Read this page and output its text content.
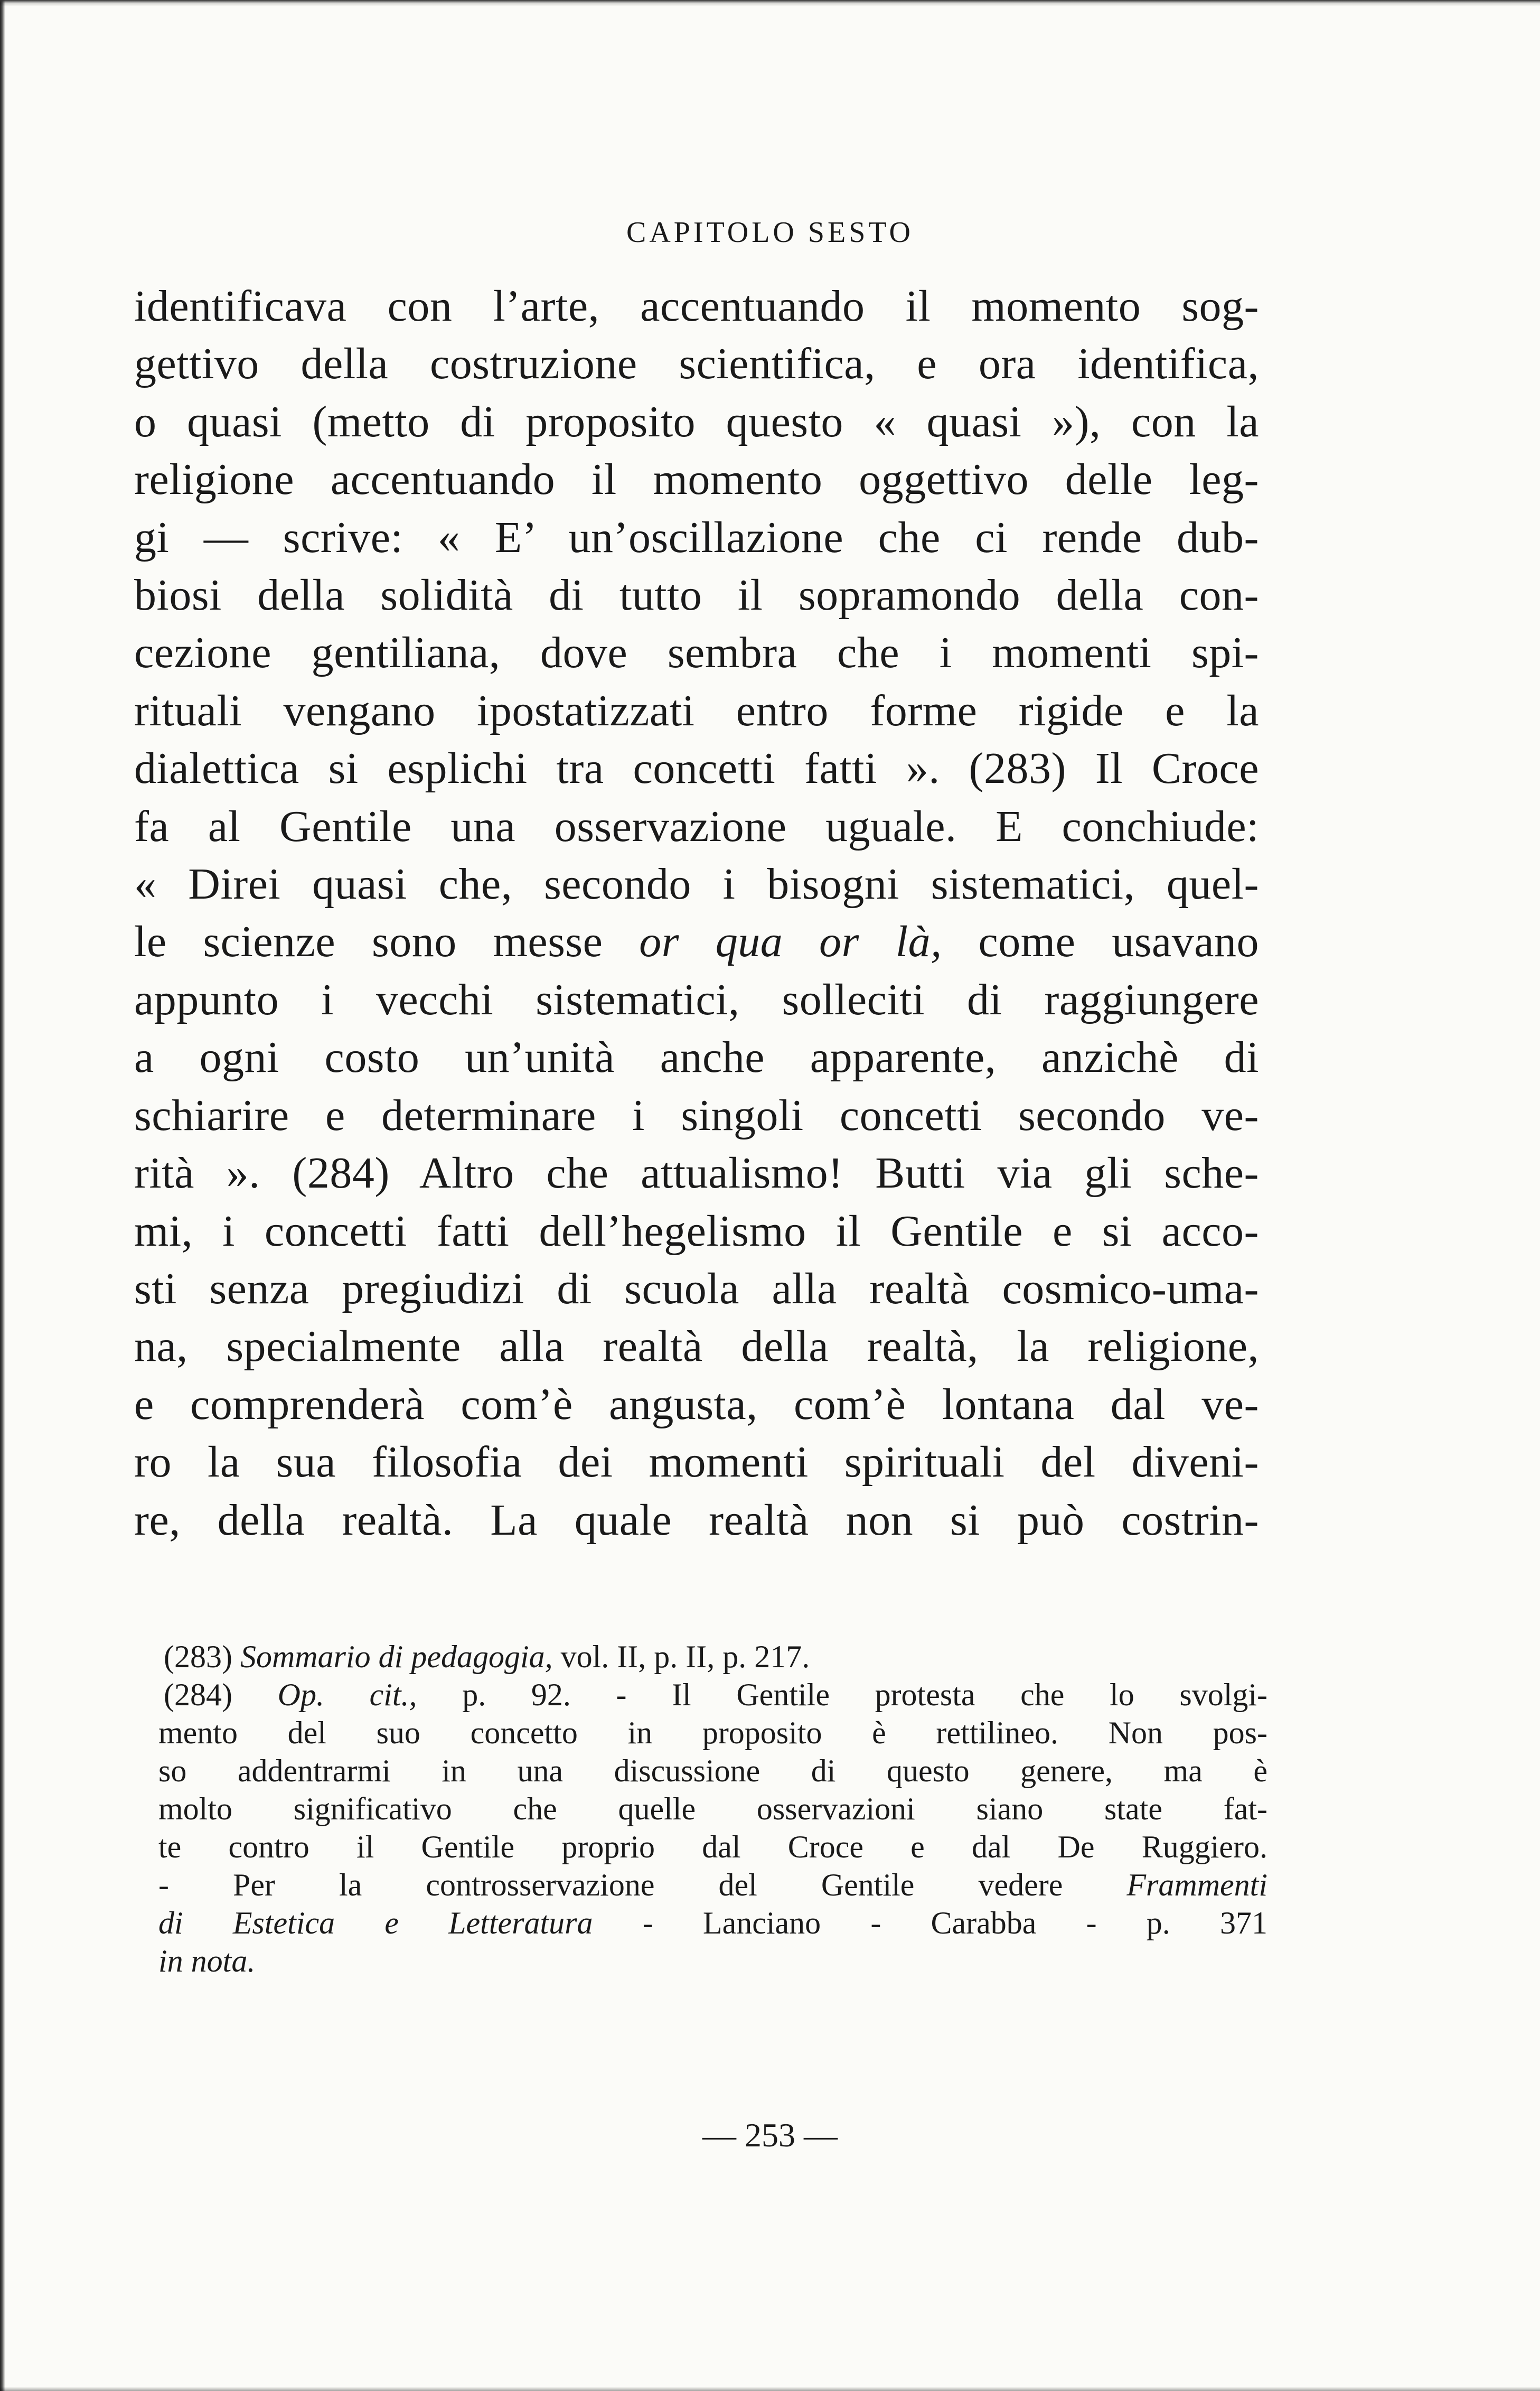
CAPITOLO SESTO
identificava con l’arte, accentuando il momento sog-
gettivo della costruzione scientifica, e ora identifica,
o quasi (metto di proposito questo « quasi »), con la
religione accentuando il momento oggettivo delle leg-
gi — scrive: « E’ un’oscillazione che ci rende dub-
biosi della solidità di tutto il sopramondo della con-
cezione gentiliana, dove sembra che i momenti spi-
rituali vengano ipostatizzati entro forme rigide e la
dialettica si esplichi tra concetti fatti ». (283) Il Croce
fa al Gentile una osservazione uguale. E conchiude:
« Direi quasi che, secondo i bisogni sistematici, quel-
le scienze sono messe or qua or là, come usavano
appunto i vecchi sistematici, solleciti di raggiungere
a ogni costo un’unità anche apparente, anzichè di
schiarire e determinare i singoli concetti secondo ve-
rità ». (284) Altro che attualismo! Butti via gli sche-
mi, i concetti fatti dell’hegelismo il Gentile e si acco-
sti senza pregiudizi di scuola alla realtà cosmico-uma-
na, specialmente alla realtà della realtà, la religione,
e comprenderà com’è angusta, com’è lontana dal ve-
ro la sua filosofia dei momenti spirituali del diveni-
re, della realtà. La quale realtà non si può costrin-
(283) Sommario di pedagogia, vol. II, p. II, p. 217.
(284) Op. cit., p. 92. - Il Gentile protesta che lo svolgi-
mento del suo concetto in proposito è rettilineo. Non pos-
so addentrarmi in una discussione di questo genere, ma è
molto significativo che quelle osservazioni siano state fat-
te contro il Gentile proprio dal Croce e dal De Ruggiero.
- Per la controsservazione del Gentile vedere Frammenti
di Estetica e Letteratura - Lanciano - Carabba - p. 371
in nota.
— 253 —
